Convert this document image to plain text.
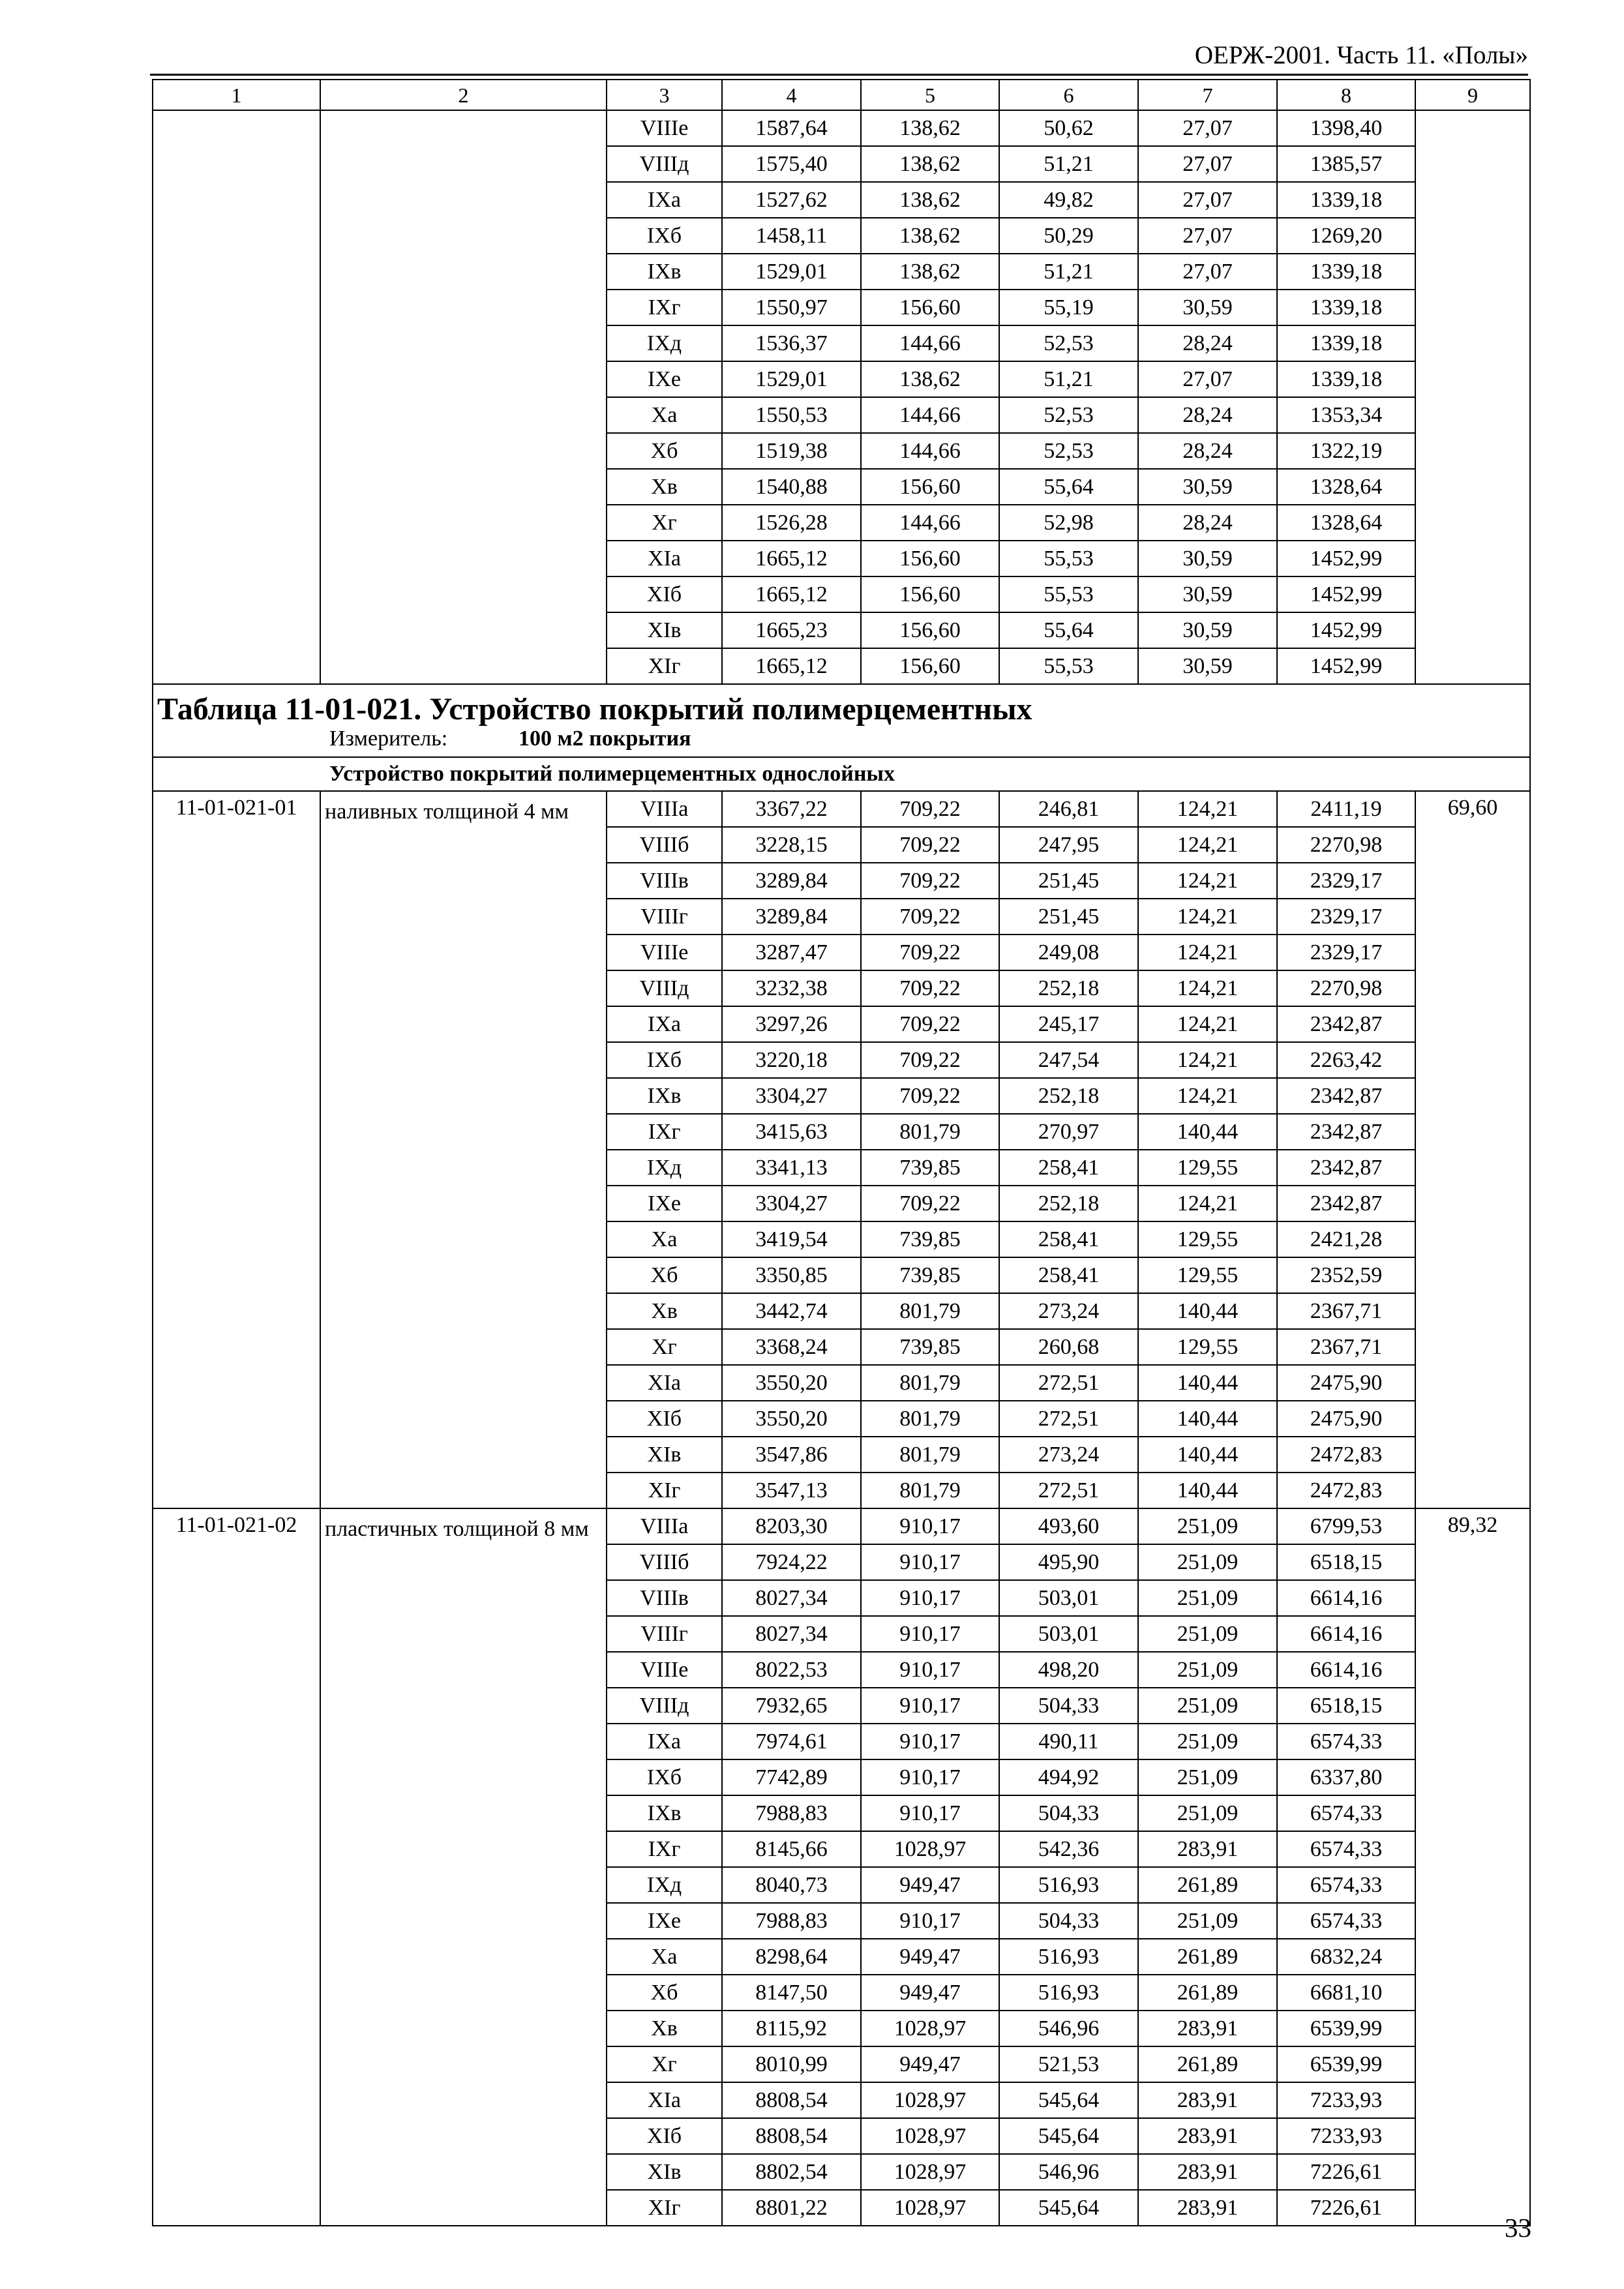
ОЕРЖ-2001. Часть 11. «Полы»
1	2	3	4	5	6	7	8	9
		VIIIе	1587,64	138,62	50,62	27,07	1398,40	
		VIIIд	1575,40	138,62	51,21	27,07	1385,57	
		IXа	1527,62	138,62	49,82	27,07	1339,18	
		IXб	1458,11	138,62	50,29	27,07	1269,20	
		IXв	1529,01	138,62	51,21	27,07	1339,18	
		IXг	1550,97	156,60	55,19	30,59	1339,18	
		IXд	1536,37	144,66	52,53	28,24	1339,18	
		IXе	1529,01	138,62	51,21	27,07	1339,18	
		Xа	1550,53	144,66	52,53	28,24	1353,34	
		Xб	1519,38	144,66	52,53	28,24	1322,19	
		Xв	1540,88	156,60	55,64	30,59	1328,64	
		Xг	1526,28	144,66	52,98	28,24	1328,64	
		XIа	1665,12	156,60	55,53	30,59	1452,99	
		XIб	1665,12	156,60	55,53	30,59	1452,99	
		XIв	1665,23	156,60	55,64	30,59	1452,99	
		XIг	1665,12	156,60	55,53	30,59	1452,99	

Таблица 11-01-021. Устройство покрытий полимерцементных
Измеритель: 100 м2 покрытия								

Устройство покрытий полимерцементных однослойных								
11-01-021-01	наливных толщиной 4 мм	VIIIа	3367,22	709,22	246,81	124,21	2411,19	69,60
		VIIIб	3228,15	709,22	247,95	124,21	2270,98	
		VIIIв	3289,84	709,22	251,45	124,21	2329,17	
		VIIIг	3289,84	709,22	251,45	124,21	2329,17	
		VIIIе	3287,47	709,22	249,08	124,21	2329,17	
		VIIIд	3232,38	709,22	252,18	124,21	2270,98	
		IXа	3297,26	709,22	245,17	124,21	2342,87	
		IXб	3220,18	709,22	247,54	124,21	2263,42	
		IXв	3304,27	709,22	252,18	124,21	2342,87	
		IXг	3415,63	801,79	270,97	140,44	2342,87	
		IXд	3341,13	739,85	258,41	129,55	2342,87	
		IXе	3304,27	709,22	252,18	124,21	2342,87	
		Xа	3419,54	739,85	258,41	129,55	2421,28	
		Xб	3350,85	739,85	258,41	129,55	2352,59	
		Xв	3442,74	801,79	273,24	140,44	2367,71	
		Xг	3368,24	739,85	260,68	129,55	2367,71	
		XIа	3550,20	801,79	272,51	140,44	2475,90	
		XIб	3550,20	801,79	272,51	140,44	2475,90	
		XIв	3547,86	801,79	273,24	140,44	2472,83	
		XIг	3547,13	801,79	272,51	140,44	2472,83	
11-01-021-02	пластичных толщиной 8 мм	VIIIа	8203,30	910,17	493,60	251,09	6799,53	89,32
		VIIIб	7924,22	910,17	495,90	251,09	6518,15	
		VIIIв	8027,34	910,17	503,01	251,09	6614,16	
		VIIIг	8027,34	910,17	503,01	251,09	6614,16	
		VIIIе	8022,53	910,17	498,20	251,09	6614,16	
		VIIIд	7932,65	910,17	504,33	251,09	6518,15	
		IXа	7974,61	910,17	490,11	251,09	6574,33	
		IXб	7742,89	910,17	494,92	251,09	6337,80	
		IXв	7988,83	910,17	504,33	251,09	6574,33	
		IXг	8145,66	1028,97	542,36	283,91	6574,33	
		IXд	8040,73	949,47	516,93	261,89	6574,33	
		IXе	7988,83	910,17	504,33	251,09	6574,33	
		Xа	8298,64	949,47	516,93	261,89	6832,24	
		Xб	8147,50	949,47	516,93	261,89	6681,10	
		Xв	8115,92	1028,97	546,96	283,91	6539,99	
		Xг	8010,99	949,47	521,53	261,89	6539,99	
		XIа	8808,54	1028,97	545,64	283,91	7233,93	
		XIб	8808,54	1028,97	545,64	283,91	7233,93	
		XIв	8802,54	1028,97	546,96	283,91	7226,61	
		XIг	8801,22	1028,97	545,64	283,91	7226,61	
33
